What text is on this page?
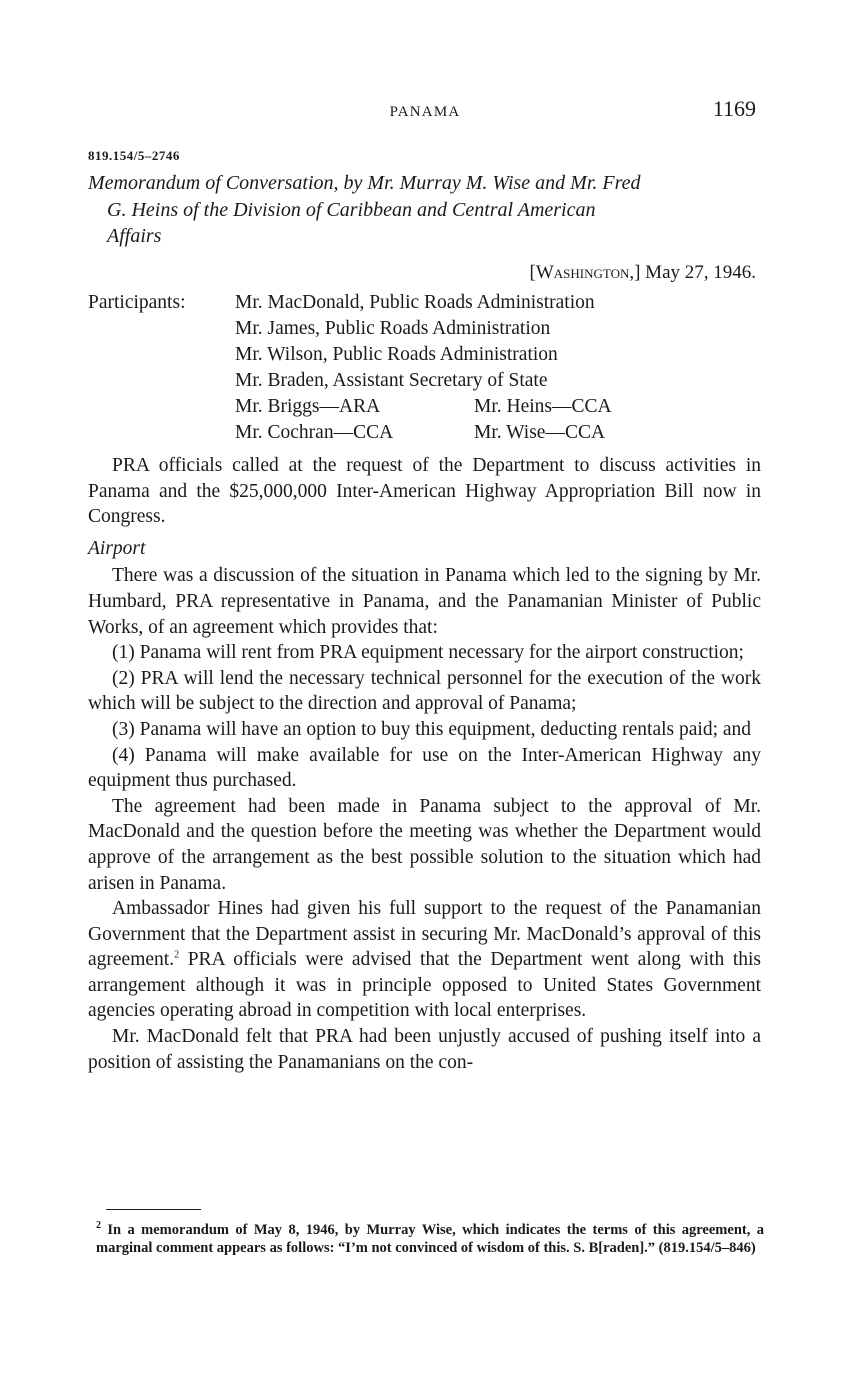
PANAMA	1169
819.154/5–2746
Memorandum of Conversation, by Mr. Murray M. Wise and Mr. Fred
G. Heins of the Division of Caribbean and Central American
Affairs
[Washington,] May 27, 1946.
Participants:	Mr. MacDonald, Public Roads Administration
Mr. James, Public Roads Administration
Mr. Wilson, Public Roads Administration
Mr. Braden, Assistant Secretary of State
Mr. Briggs—ARA	Mr. Heins—CCA
Mr. Cochran—CCA	Mr. Wise—CCA

PRA officials called at the request of the Department to discuss activities in Panama and the $25,000,000 Inter-American Highway Appropriation Bill now in Congress.

Airport

There was a discussion of the situation in Panama which led to the signing by Mr. Humbard, PRA representative in Panama, and the Panamanian Minister of Public Works, of an agreement which provides that:

(1) Panama will rent from PRA equipment necessary for the airport construction;

(2) PRA will lend the necessary technical personnel for the execution of the work which will be subject to the direction and approval of Panama;

(3) Panama will have an option to buy this equipment, deducting rentals paid; and

(4) Panama will make available for use on the Inter-American Highway any equipment thus purchased.

The agreement had been made in Panama subject to the approval of Mr. MacDonald and the question before the meeting was whether the Department would approve of the arrangement as the best possible solution to the situation which had arisen in Panama.

Ambassador Hines had given his full support to the request of the Panamanian Government that the Department assist in securing Mr. MacDonald’s approval of this agreement.$^2$ PRA officials were advised that the Department went along with this arrangement although it was in principle opposed to United States Government agencies operating abroad in competition with local enterprises.

Mr. MacDonald felt that PRA had been unjustly accused of pushing itself into a position of assisting the Panamanians on the con-

$^2$ In a memorandum of May 8, 1946, by Murray Wise, which indicates the terms of this agreement, a marginal comment appears as follows: “I’m not convinced of wisdom of this. S. B[raden].” (819.154/5–846)
